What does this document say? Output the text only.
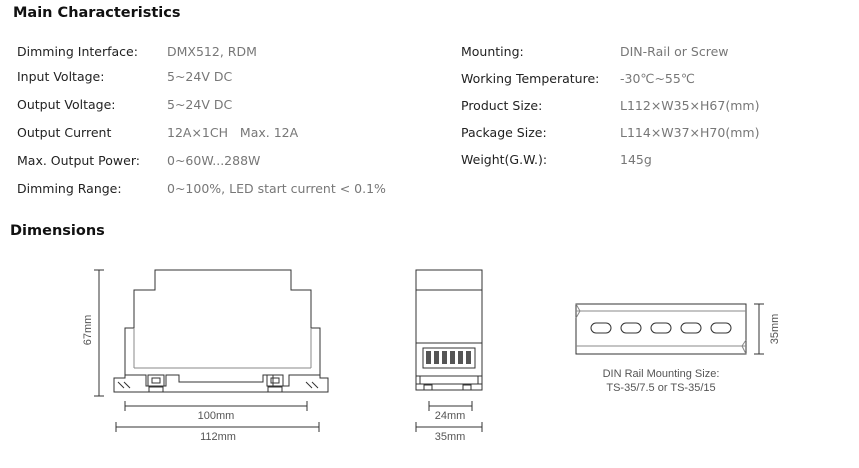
Main Characteristics
Dimming Interface: DMX512, RDM
Input Voltage:	5~24V DC
Output Voltage:	5~24V DC
Output Current	12A×1CH   Max. 12A
Max. Output Power: 0~60W...288W
Dimming Range:	0~100%, LED start current < 0.1%
Mounting:	DIN-Rail or Screw
Working Temperature: -30℃~55℃
Product Size:	L112×W35×H67(mm)
Package Size:	L114×W37×H70(mm)
Weight(G.W.):	145g
Dimensions
67mm
100mm
112mm
24mm
35mm
35mm
DIN Rail Mounting Size:
TS-35/7.5 or TS-35/15
